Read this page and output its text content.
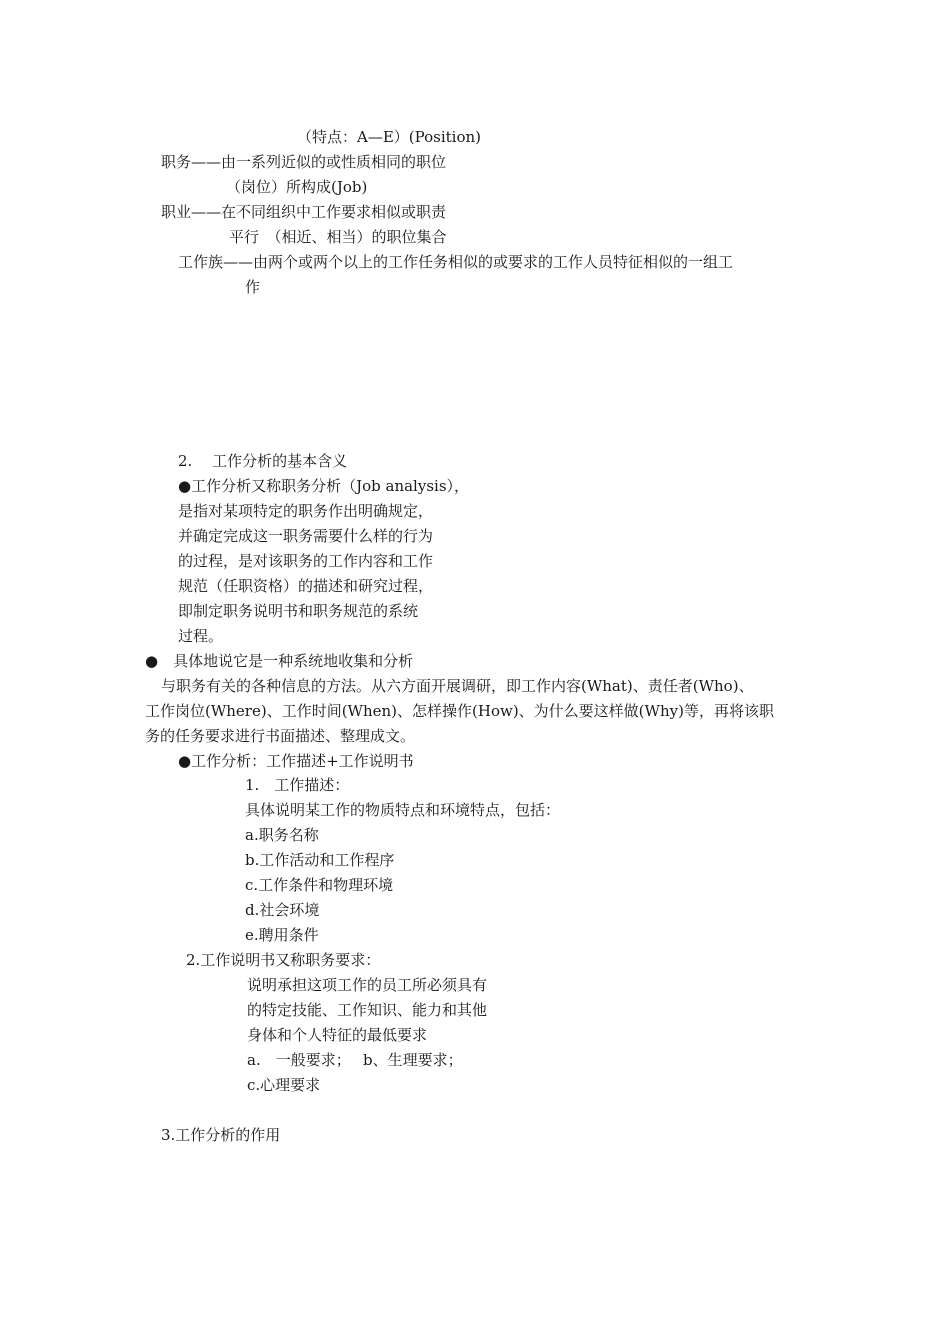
（特点：A—E）(Position)
职务——由一系列近似的或性质相同的职位
（岗位）所构成(Job)
职业——在不同组织中工作要求相似或职责
平行　（相近、相当）的职位集合
工作族——由两个或两个以上的工作任务相似的或要求的工作人员特征相似的一组工
作
2.　 工作分析的基本含义
●工作分析又称职务分析（Job analysis），
是指对某项特定的职务作出明确规定，
并确定完成这一职务需要什么样的行为
的过程，是对该职务的工作内容和工作
规范（任职资格）的描述和研究过程，
即制定职务说明书和职务规范的系统
过程。
●　具体地说它是一种系统地收集和分析
与职务有关的各种信息的方法。从六方面开展调研，即工作内容(What)、责任者(Who)、
工作岗位(Where)、工作时间(When)、怎样操作(How)、为什么要这样做(Why)等，再将该职
务的任务要求进行书面描述、整理成文。
●工作分析：工作描述+工作说明书
1.　工作描述：
具体说明某工作的物质特点和环境特点，包括：
a.职务名称
b.工作活动和工作程序
c.工作条件和物理环境
d.社会环境
e.聘用条件
2.工作说明书又称职务要求：
说明承担这项工作的员工所必须具有
的特定技能、工作知识、能力和其他
身体和个人特征的最低要求
a.　一般要求；　 b、生理要求；
c.心理要求
3.工作分析的作用
